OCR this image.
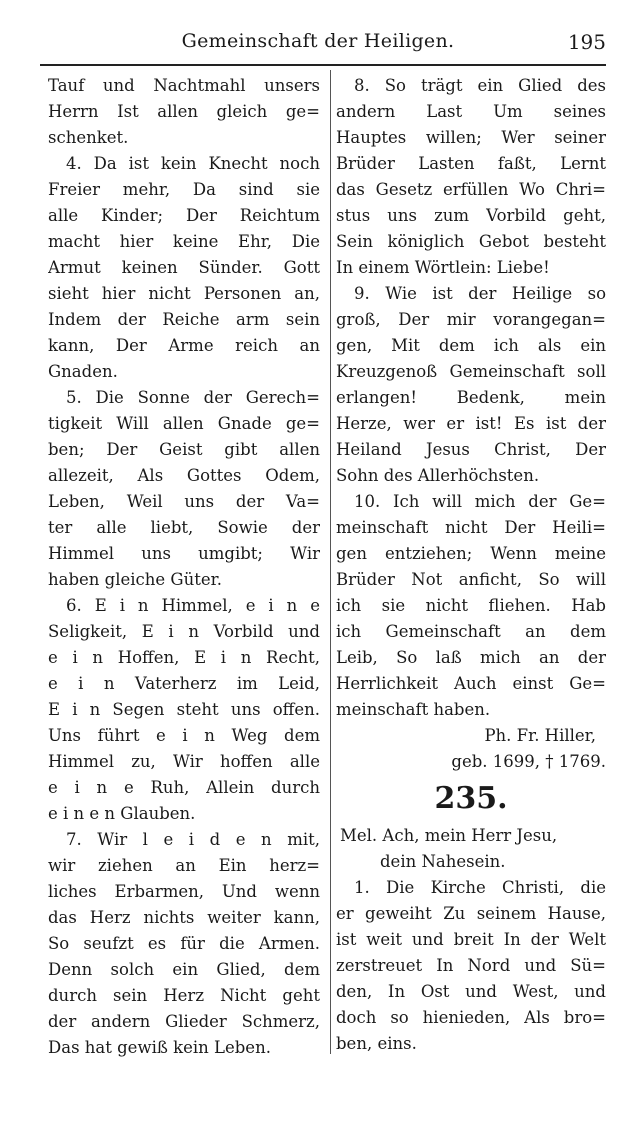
Gemeinschaft der Heiligen.	195
Tauf und Nachtmahl unsers
Herrn Ist allen gleich ge=
schenket.
4. Da ist kein Knecht noch
Freier mehr, Da sind sie
alle Kinder; Der Reichtum
macht hier keine Ehr, Die
Armut keinen Sünder. Gott
sieht hier nicht Personen an,
Indem der Reiche arm sein
kann, Der Arme reich an
Gnaden.
5. Die Sonne der Gerech=
tigkeit Will allen Gnade ge=
ben; Der Geist gibt allen
allezeit, Als Gottes Odem,
Leben, Weil uns der Va=
ter alle liebt, Sowie der
Himmel uns umgibt; Wir
haben gleiche Güter.
6. E i n Himmel, e i n e
Seligkeit, E i n Vorbild und
e i n Hoffen, E i n Recht,
e i n Vaterherz im Leid,
E i n Segen steht uns offen.
Uns führt e i n Weg dem
Himmel zu, Wir hoffen alle
e i n e Ruh, Allein durch
e i n e n Glauben.
7. Wir l e i d e n mit,
wir ziehen an Ein herz=
liches Erbarmen, Und wenn
das Herz nichts weiter kann,
So seufzt es für die Armen.
Denn solch ein Glied, dem
durch sein Herz Nicht geht
der andern Glieder Schmerz,
Das hat gewiß kein Leben.
8. So trägt ein Glied des
andern Last Um seines
Hauptes willen; Wer seiner
Brüder Lasten faßt, Lernt
das Gesetz erfüllen Wo Chri=
stus uns zum Vorbild geht,
Sein königlich Gebot besteht
In einem Wörtlein: Liebe!
9. Wie ist der Heilige so
groß, Der mir vorangegan=
gen, Mit dem ich als ein
Kreuzgenoß Gemeinschaft soll
erlangen! Bedenk, mein
Herze, wer er ist! Es ist der
Heiland Jesus Christ, Der
Sohn des Allerhöchsten.
10. Ich will mich der Ge=
meinschaft nicht Der Heili=
gen entziehen; Wenn meine
Brüder Not anficht, So will
ich sie nicht fliehen. Hab
ich Gemeinschaft an dem
Leib, So laß mich an der
Herrlichkeit Auch einst Ge=
meinschaft haben.
Ph. Fr. Hiller,
geb. 1699, † 1769.
235.
Mel. Ach, mein Herr Jesu,
dein Nahesein.
1. Die Kirche Christi, die
er geweiht Zu seinem Hause,
ist weit und breit In der Welt
zerstreuet In Nord und Sü=
den, In Ost und West, und
doch so hienieden, Als bro=
ben, eins.
